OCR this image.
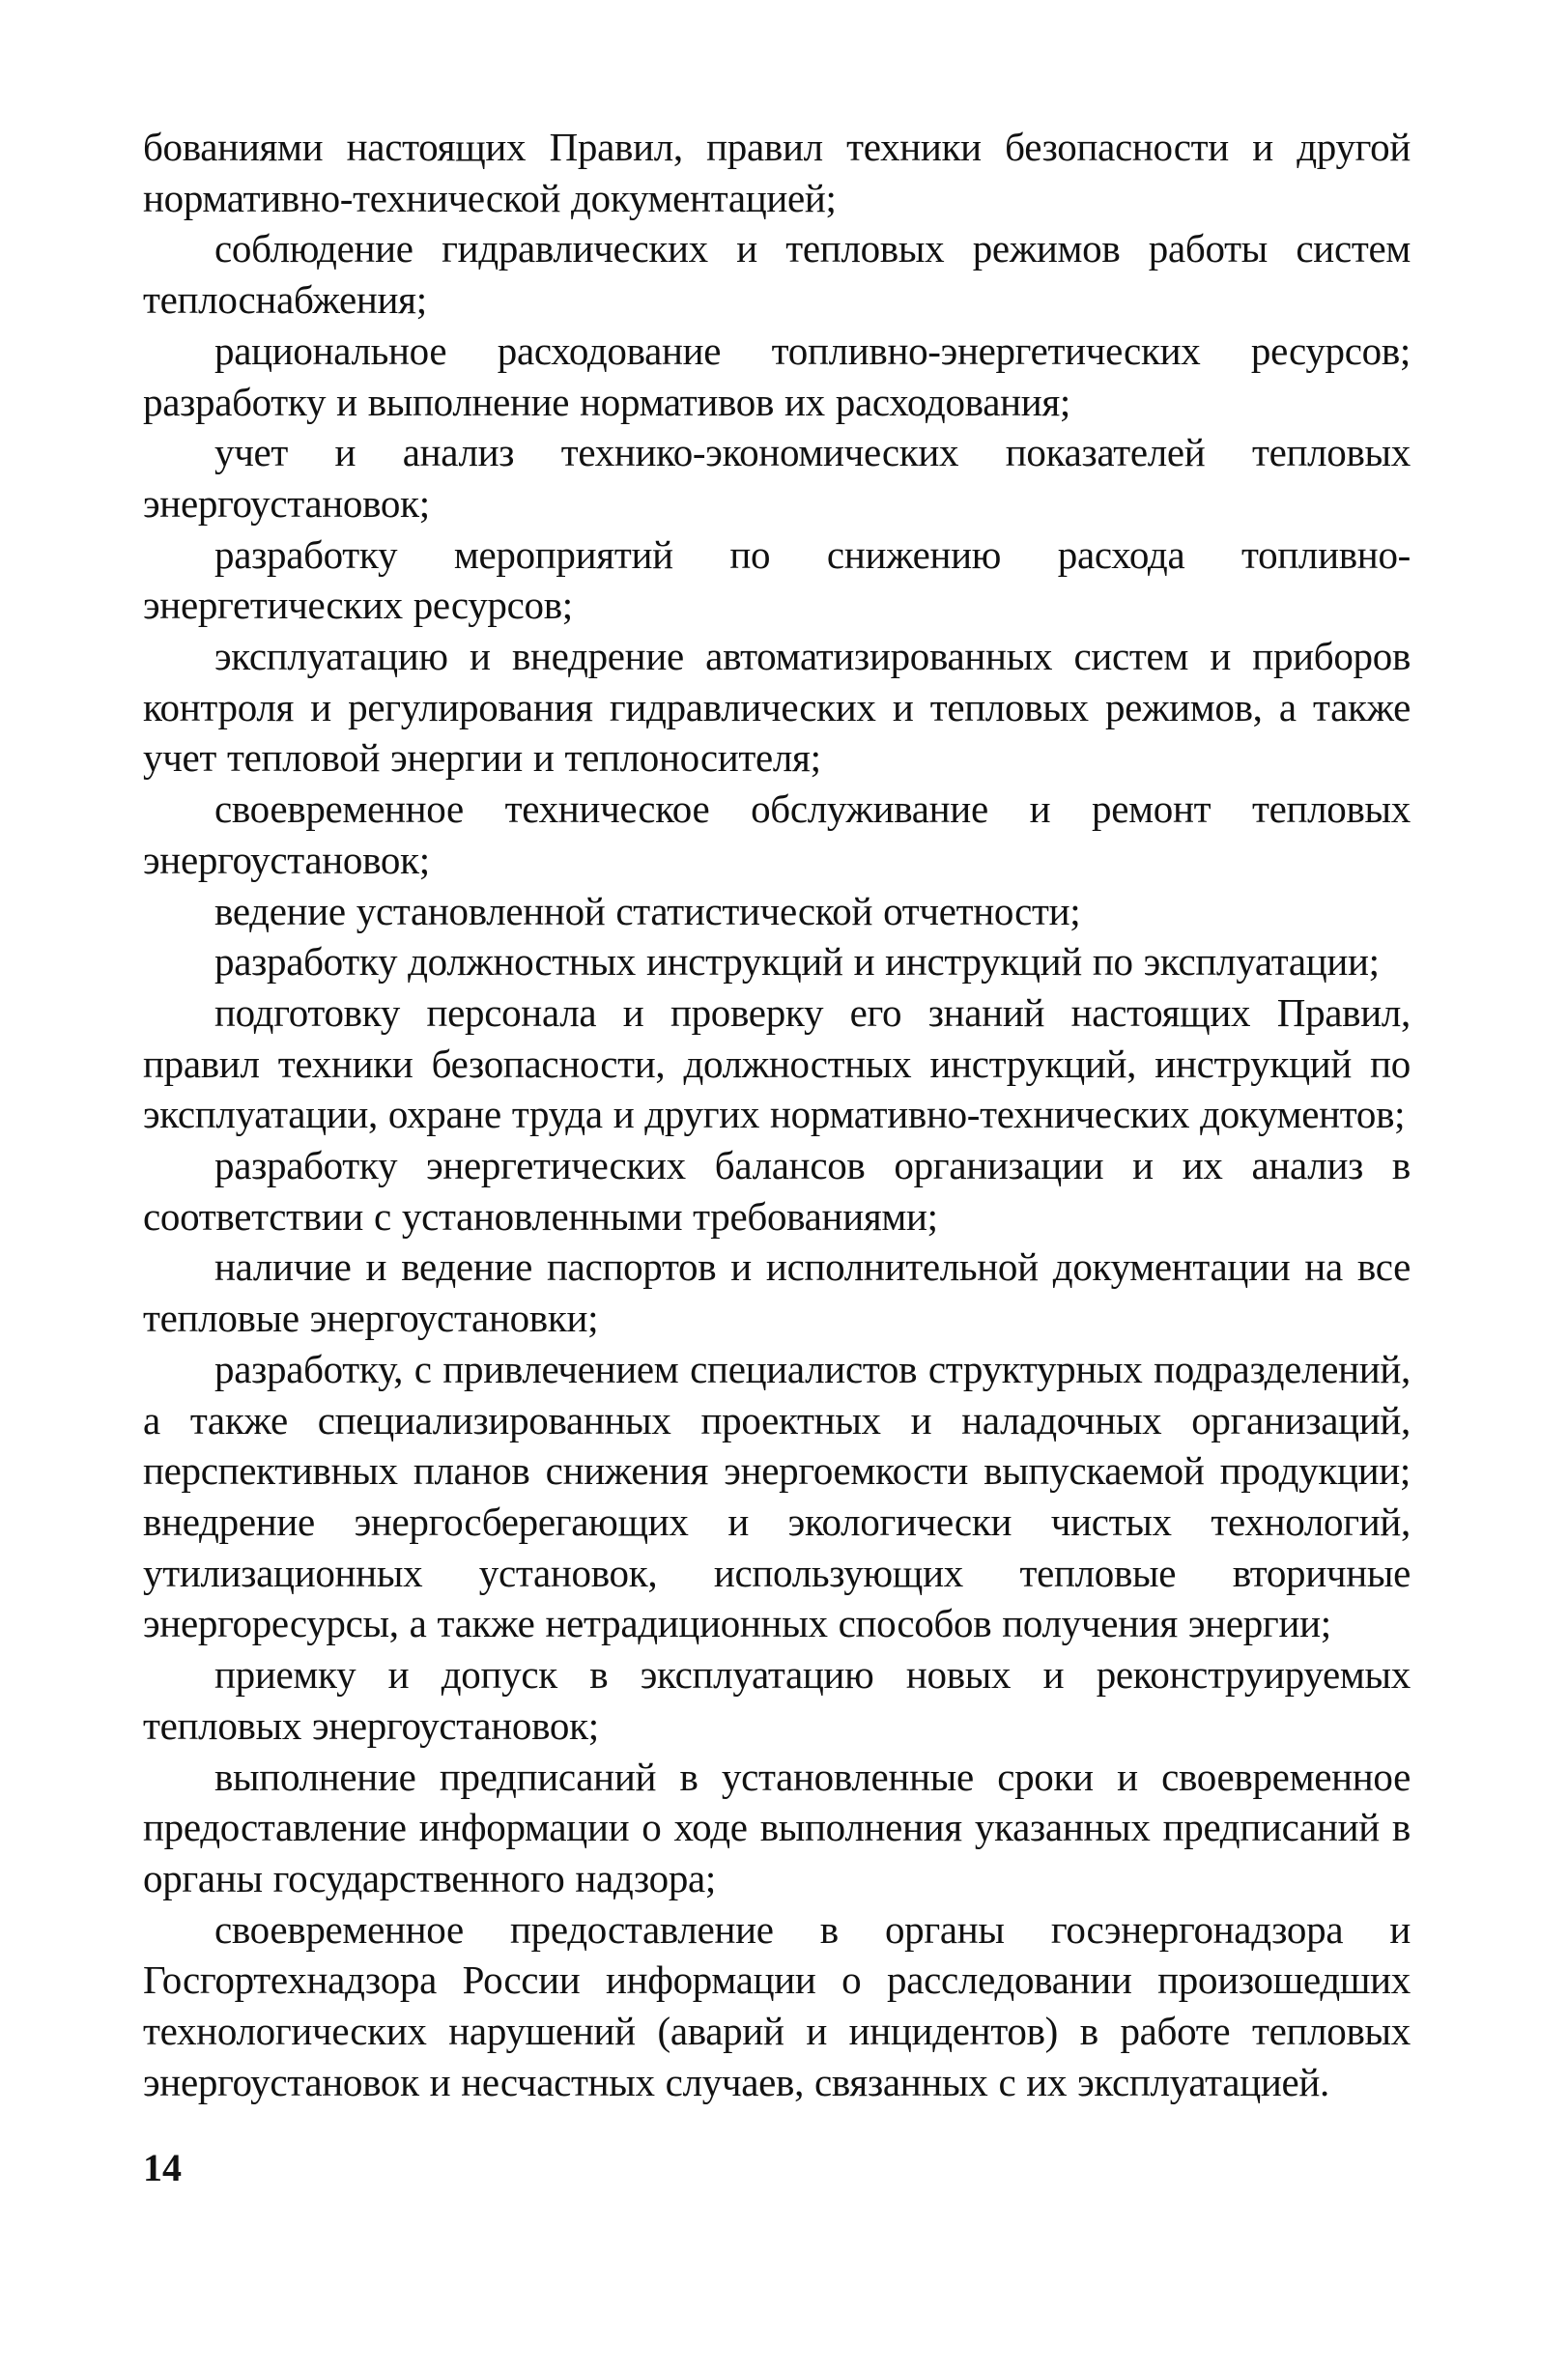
бованиями настоящих Правил, правил техники безопасности и другой нормативно-технической документацией;

соблюдение гидравлических и тепловых режимов работы систем теплоснабжения;

рациональное расходование топливно-энергетических ресурсов; разработку и выполнение нормативов их расходования;

учет и анализ технико-экономических показателей тепловых энергоустановок;

разработку мероприятий по снижению расхода топливно-энергетических ресурсов;

эксплуатацию и внедрение автоматизированных систем и приборов контроля и регулирования гидравлических и тепловых режимов, а также учет тепловой энергии и теплоносителя;

своевременное техническое обслуживание и ремонт тепловых энергоустановок;

ведение установленной статистической отчетности;

разработку должностных инструкций и инструкций по эксплуатации;

подготовку персонала и проверку его знаний настоящих Правил, правил техники безопасности, должностных инструкций, инструкций по эксплуатации, охране труда и других нормативно-технических документов;

разработку энергетических балансов организации и их анализ в соответствии с установленными требованиями;

наличие и ведение паспортов и исполнительной документации на все тепловые энергоустановки;

разработку, с привлечением специалистов структурных подразделений, а также специализированных проектных и наладочных организаций, перспективных планов снижения энергоемкости выпускаемой продукции; внедрение энергосберегающих и экологически чистых технологий, утилизационных установок, использующих тепловые вторичные энергоресурсы, а также нетрадиционных способов получения энергии;

приемку и допуск в эксплуатацию новых и реконструируемых тепловых энергоустановок;

выполнение предписаний в установленные сроки и своевременное предоставление информации о ходе выполнения указанных предписаний в органы государственного надзора;

своевременное предоставление в органы госэнергонадзора и Госгортехнадзора России информации о расследовании произошедших технологических нарушений (аварий и инцидентов) в работе тепловых энергоустановок и несчастных случаев, связанных с их эксплуатацией.

14
